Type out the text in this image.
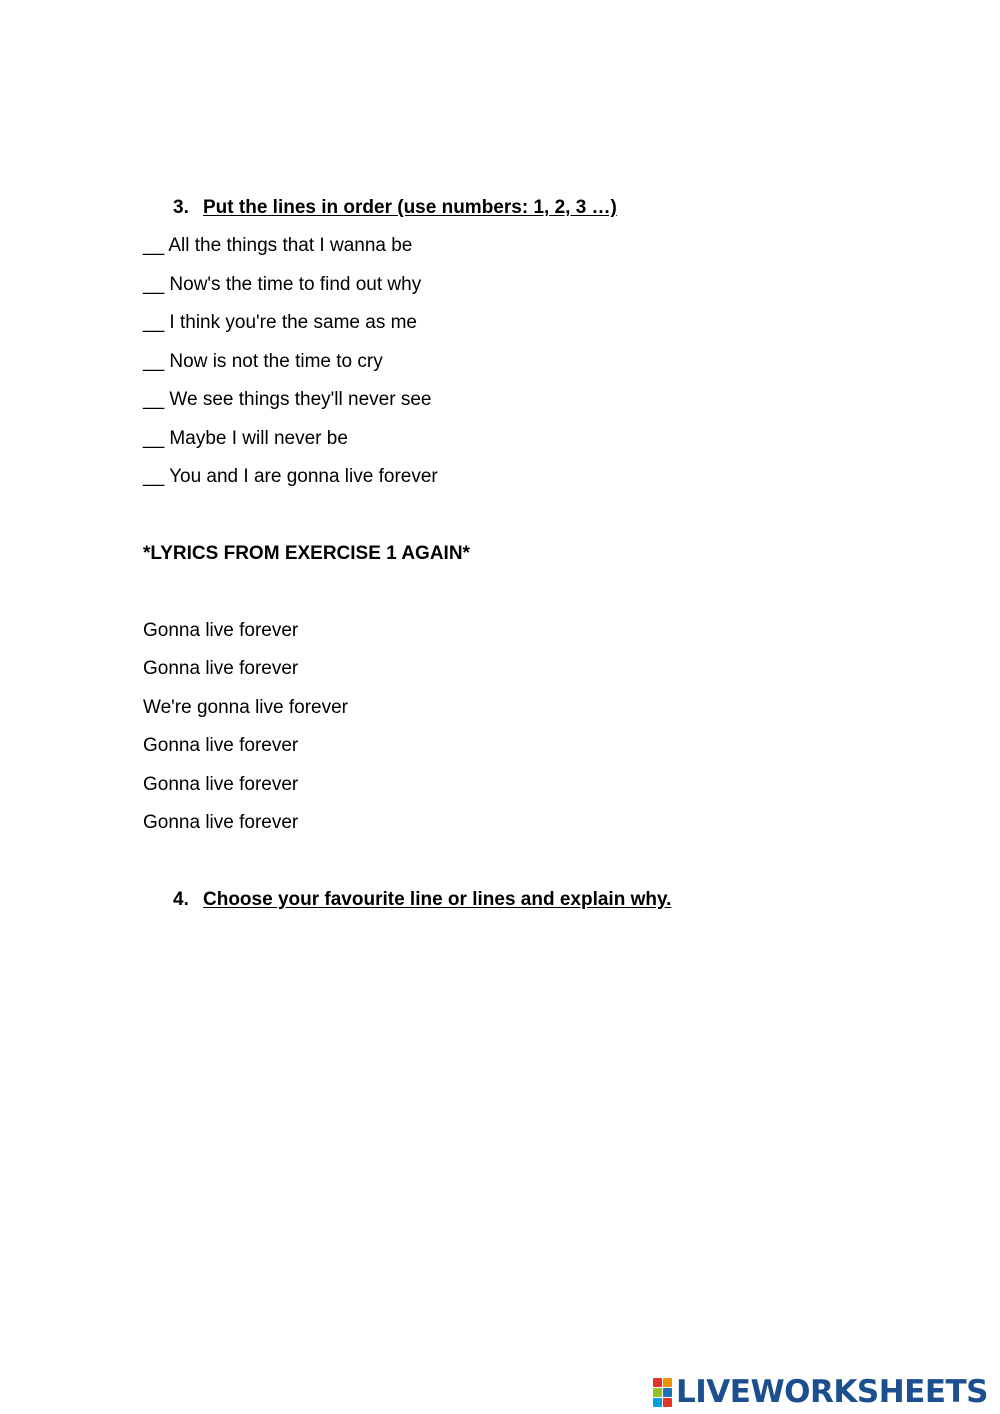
3. Put the lines in order (use numbers: 1, 2, 3 …)
__ All the things that I wanna be
__ Now's the time to find out why
__ I think you're the same as me
__ Now is not the time to cry
__ We see things they'll never see
__ Maybe I will never be
__ You and I are gonna live forever
*LYRICS FROM EXERCISE 1 AGAIN*
Gonna live forever
Gonna live forever
We're gonna live forever
Gonna live forever
Gonna live forever
Gonna live forever
4. Choose your favourite line or lines and explain why.
LIVEWORKSHEETS
